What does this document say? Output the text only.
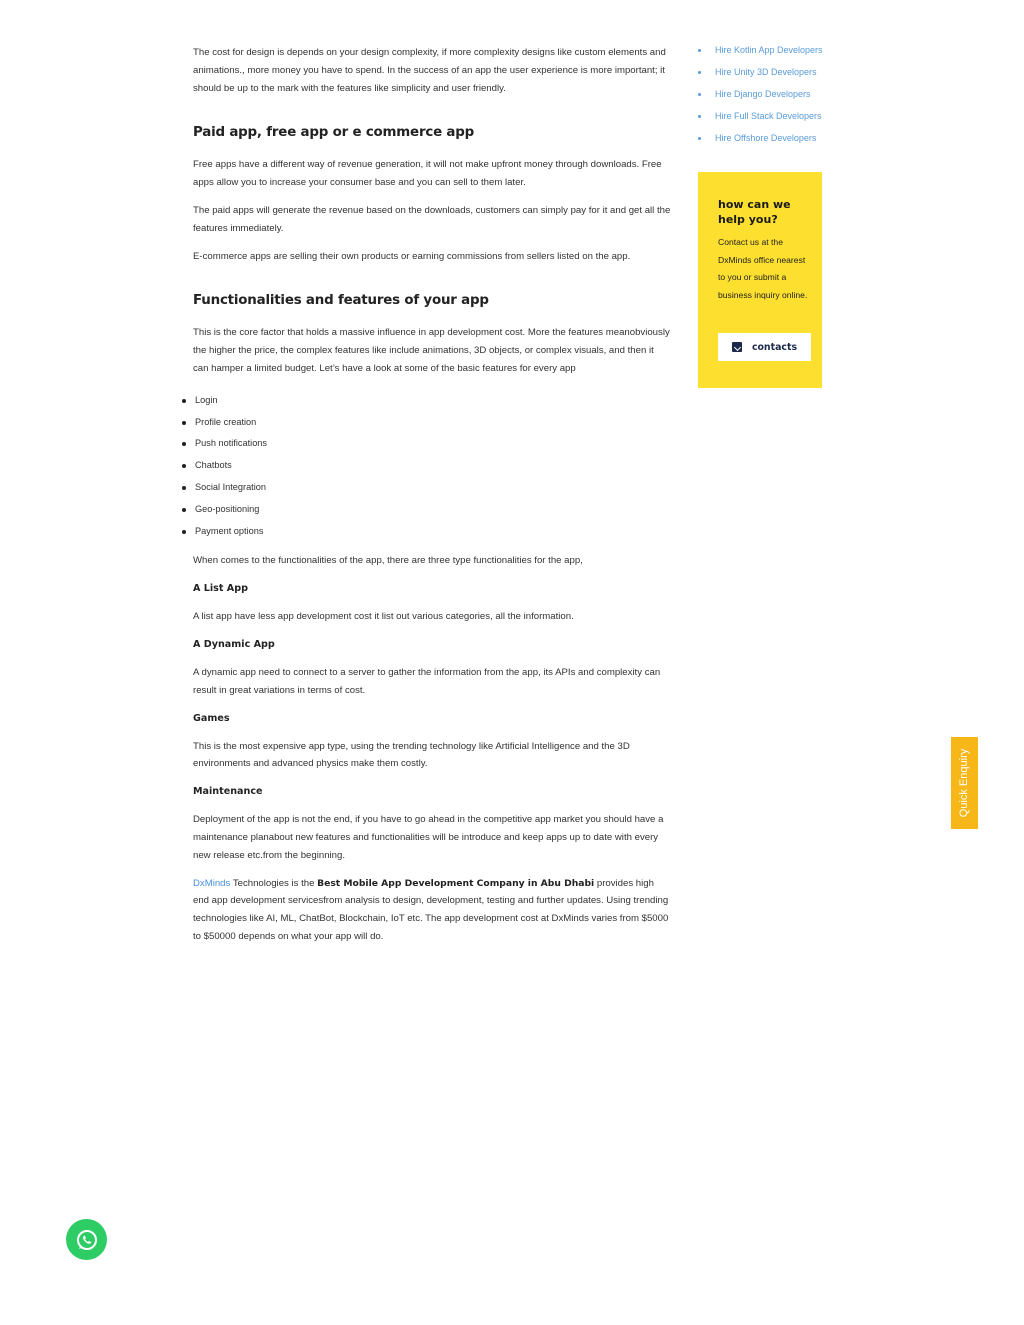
The cost for design is depends on your design complexity, if more complexity designs like custom elements and animations., more money you have to spend. In the success of an app the user experience is more important; it should be up to the mark with the features like simplicity and user friendly.

Paid app, free app or e commerce app

Free apps have a different way of revenue generation, it will not make upfront money through downloads. Free apps allow you to increase your consumer base and you can sell to them later.

The paid apps will generate the revenue based on the downloads, customers can simply pay for it and get all the features immediately.

E-commerce apps are selling their own products or earning commissions from sellers listed on the app.

Functionalities and features of your app

This is the core factor that holds a massive influence in app development cost. More the features meanobviously the higher the price, the complex features like include animations, 3D objects, or complex visuals, and then it can hamper a limited budget. Let’s have a look at some of the basic features for every app

Login
Profile creation
Push notifications
Chatbots
Social Integration
Geo-positioning
Payment options

When comes to the functionalities of the app, there are three type functionalities for the app,

A List App

A list app have less app development cost it list out various categories, all the information.

A Dynamic App

A dynamic app need to connect to a server to gather the information from the app, its APIs and complexity can result in great variations in terms of cost.

Games

This is the most expensive app type, using the trending technology like Artificial Intelligence and the 3D environments and advanced physics make them costly.

Maintenance

Deployment of the app is not the end, if you have to go ahead in the competitive app market you should have a maintenance planabout new features and functionalities will be introduce and keep apps up to date with every new release etc.from the beginning.

DxMinds Technologies is the Best Mobile App Development Company in Abu Dhabi provides high end app development servicesfrom analysis to design, development, testing and further updates. Using trending technologies like AI, ML, ChatBot, Blockchain, IoT etc. The app development cost at DxMinds varies from $5000 to $50000 depends on what your app will do.

Hire Kotlin App Developers
Hire Unity 3D Developers
Hire Django Developers
Hire Full Stack Developers
Hire Offshore Developers
how can we help you?
Contact us at the DxMinds office nearest to you or submit a business inquiry online.
contacts
Quick Enquiry
